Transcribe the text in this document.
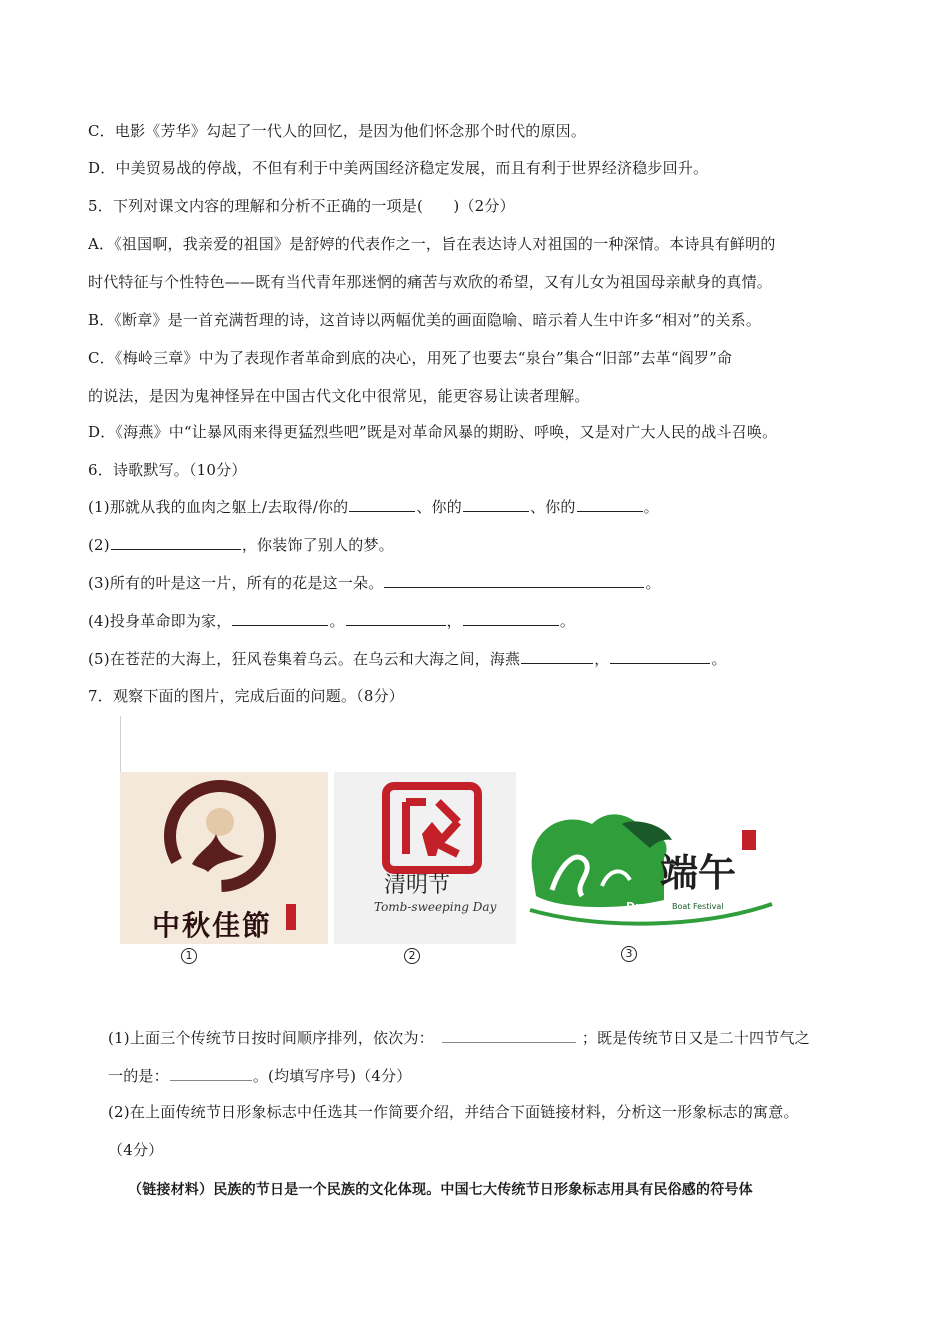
C．电影《芳华》勾起了一代人的回忆，是因为他们怀念那个时代的原因。
D．中美贸易战的停战，不但有利于中美两国经济稳定发展，而且有利于世界经济稳步回升。
5．下列对课文内容的理解和分析不正确的一项是(　　)（2分）
A．《祖国啊，我亲爱的祖国》是舒婷的代表作之一，旨在表达诗人对祖国的一种深情。本诗具有鲜明的
时代特征与个性特色——既有当代青年那迷惘的痛苦与欢欣的希望，又有儿女为祖国母亲献身的真情。
B．《断章》是一首充满哲理的诗，这首诗以两幅优美的画面隐喻、暗示着人生中许多“相对”的关系。
C．《梅岭三章》中为了表现作者革命到底的决心，用死了也要去“泉台”集合“旧部”去革“阎罗”命
的说法，是因为鬼神怪异在中国古代文化中很常见，能更容易让读者理解。
D．《海燕》中“让暴风雨来得更猛烈些吧”既是对革命风暴的期盼、呼唤，又是对广大人民的战斗召唤。
6．诗歌默写。（10分）
(1)那就从我的血肉之躯上/去取得/你的	、你的	、你的	。
(2)	，你装饰了别人的梦。
(3)所有的叶是这一片，所有的花是这一朵。	。
(4)投身革命即为家，	。	，	。
(5)在苍茫的大海上，狂风卷集着乌云。在乌云和大海之间，海燕	，	。
7．观察下面的图片，完成后面的问题。（8分）
中秋佳節
1
清明节
Tomb-sweeping Day
2
端午
Dragon Boat Festival
3
(1)上面三个传统节日按时间顺序排列，依次为：	；既是传统节日又是二十四节气之
一的是：	。(均填写序号)（4分）
(2)在上面传统节日形象标志中任选其一作简要介绍，并结合下面链接材料，分析这一形象标志的寓意。
（4分）
（链接材料）民族的节日是一个民族的文化体现。中国七大传统节日形象标志用具有民俗感的符号体
